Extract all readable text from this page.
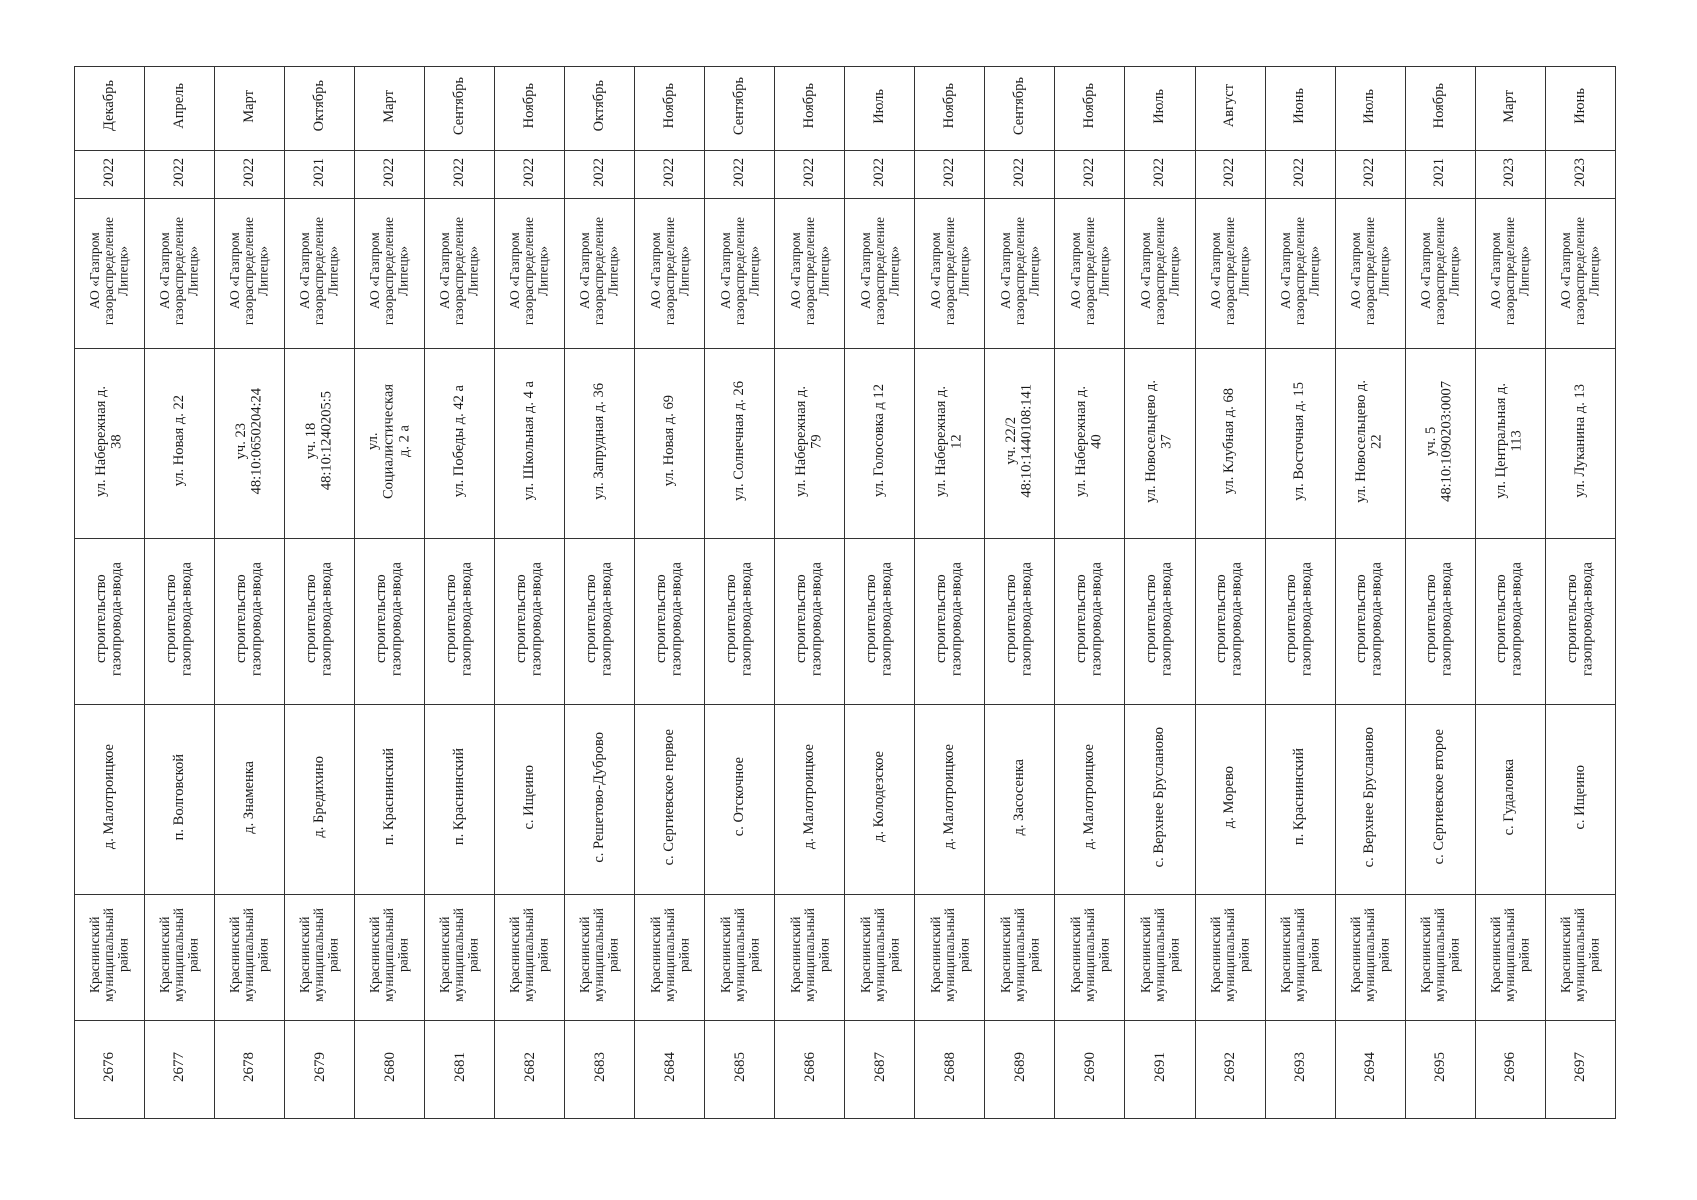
Декабрь	Апрель	Март	Октябрь	Март	Сентябрь	Ноябрь	Октябрь	Ноябрь	Сентябрь	Ноябрь	Июль	Ноябрь	Сентябрь	Ноябрь	Июль	Август	Июнь	Июль	Ноябрь	Март	Июнь
2022	2022	2022	2021	2022	2022	2022	2022	2022	2022	2022	2022	2022	2022	2022	2022	2022	2022	2022	2021	2023	2023
АО «Газпром
газораспределение
Липецк»	АО «Газпром
газораспределение
Липецк»	АО «Газпром
газораспределение
Липецк»	АО «Газпром
газораспределение
Липецк»	АО «Газпром
газораспределение
Липецк»	АО «Газпром
газораспределение
Липецк»	АО «Газпром
газораспределение
Липецк»	АО «Газпром
газораспределение
Липецк»	АО «Газпром
газораспределение
Липецк»	АО «Газпром
газораспределение
Липецк»	АО «Газпром
газораспределение
Липецк»	АО «Газпром
газораспределение
Липецк»	АО «Газпром
газораспределение
Липецк»	АО «Газпром
газораспределение
Липецк»	АО «Газпром
газораспределение
Липецк»	АО «Газпром
газораспределение
Липецк»	АО «Газпром
газораспределение
Липецк»	АО «Газпром
газораспределение
Липецк»	АО «Газпром
газораспределение
Липецк»	АО «Газпром
газораспределение
Липецк»	АО «Газпром
газораспределение
Липецк»	АО «Газпром
газораспределение
Липецк»
ул. Набережная д.
38	ул. Новая д. 22	уч. 23
48:10:0650204:24	уч. 18
48:10:1240205:5	ул.
Социалистическая
д. 2 а	ул. Победы д. 42 а	ул. Школьная д. 4 а	ул. Запрудная д. 36	ул. Новая д. 69	ул. Солнечная д. 26	ул. Набережная д.
79	ул. Голосовка д 12	ул. Набережная д.
12	уч. 22/2
48:10:1440108:141	ул. Набережная д.
40	ул. Новосельцево д.
37	ул. Клубная д. 68	ул. Восточная д. 15	ул. Новосельцево д.
22	уч. 5
48:10:1090203:0007	ул. Центральная д.
113	ул. Луканина д. 13
строительство
газопровода-ввода	строительство
газопровода-ввода	строительство
газопровода-ввода	строительство
газопровода-ввода	строительство
газопровода-ввода	строительство
газопровода-ввода	строительство
газопровода-ввода	строительство
газопровода-ввода	строительство
газопровода-ввода	строительство
газопровода-ввода	строительство
газопровода-ввода	строительство
газопровода-ввода	строительство
газопровода-ввода	строительство
газопровода-ввода	строительство
газопровода-ввода	строительство
газопровода-ввода	строительство
газопровода-ввода	строительство
газопровода-ввода	строительство
газопровода-ввода	строительство
газопровода-ввода	строительство
газопровода-ввода	строительство
газопровода-ввода
д. Малотроицкое	п. Волговской	д. Знаменка	д. Бредихино	п. Краснинский	п. Краснинский	с. Ищеино	с. Решетово-Дуброво	с. Сергиевское первое	с. Отскочное	д. Малотроицкое	д. Колодезское	д. Малотроицкое	д. Засосенка	д. Малотроицкое	с. Верхнее Брусланово	д. Морево	п. Краснинский	с. Верхнее Брусланово	с. Сергиевское второе	с. Гудаловка	с. Ищеино
Краснинский
муниципальный
район	Краснинский
муниципальный
район	Краснинский
муниципальный
район	Краснинский
муниципальный
район	Краснинский
муниципальный
район	Краснинский
муниципальный
район	Краснинский
муниципальный
район	Краснинский
муниципальный
район	Краснинский
муниципальный
район	Краснинский
муниципальный
район	Краснинский
муниципальный
район	Краснинский
муниципальный
район	Краснинский
муниципальный
район	Краснинский
муниципальный
район	Краснинский
муниципальный
район	Краснинский
муниципальный
район	Краснинский
муниципальный
район	Краснинский
муниципальный
район	Краснинский
муниципальный
район	Краснинский
муниципальный
район	Краснинский
муниципальный
район	Краснинский
муниципальный
район
2676	2677	2678	2679	2680	2681	2682	2683	2684	2685	2686	2687	2688	2689	2690	2691	2692	2693	2694	2695	2696	2697
